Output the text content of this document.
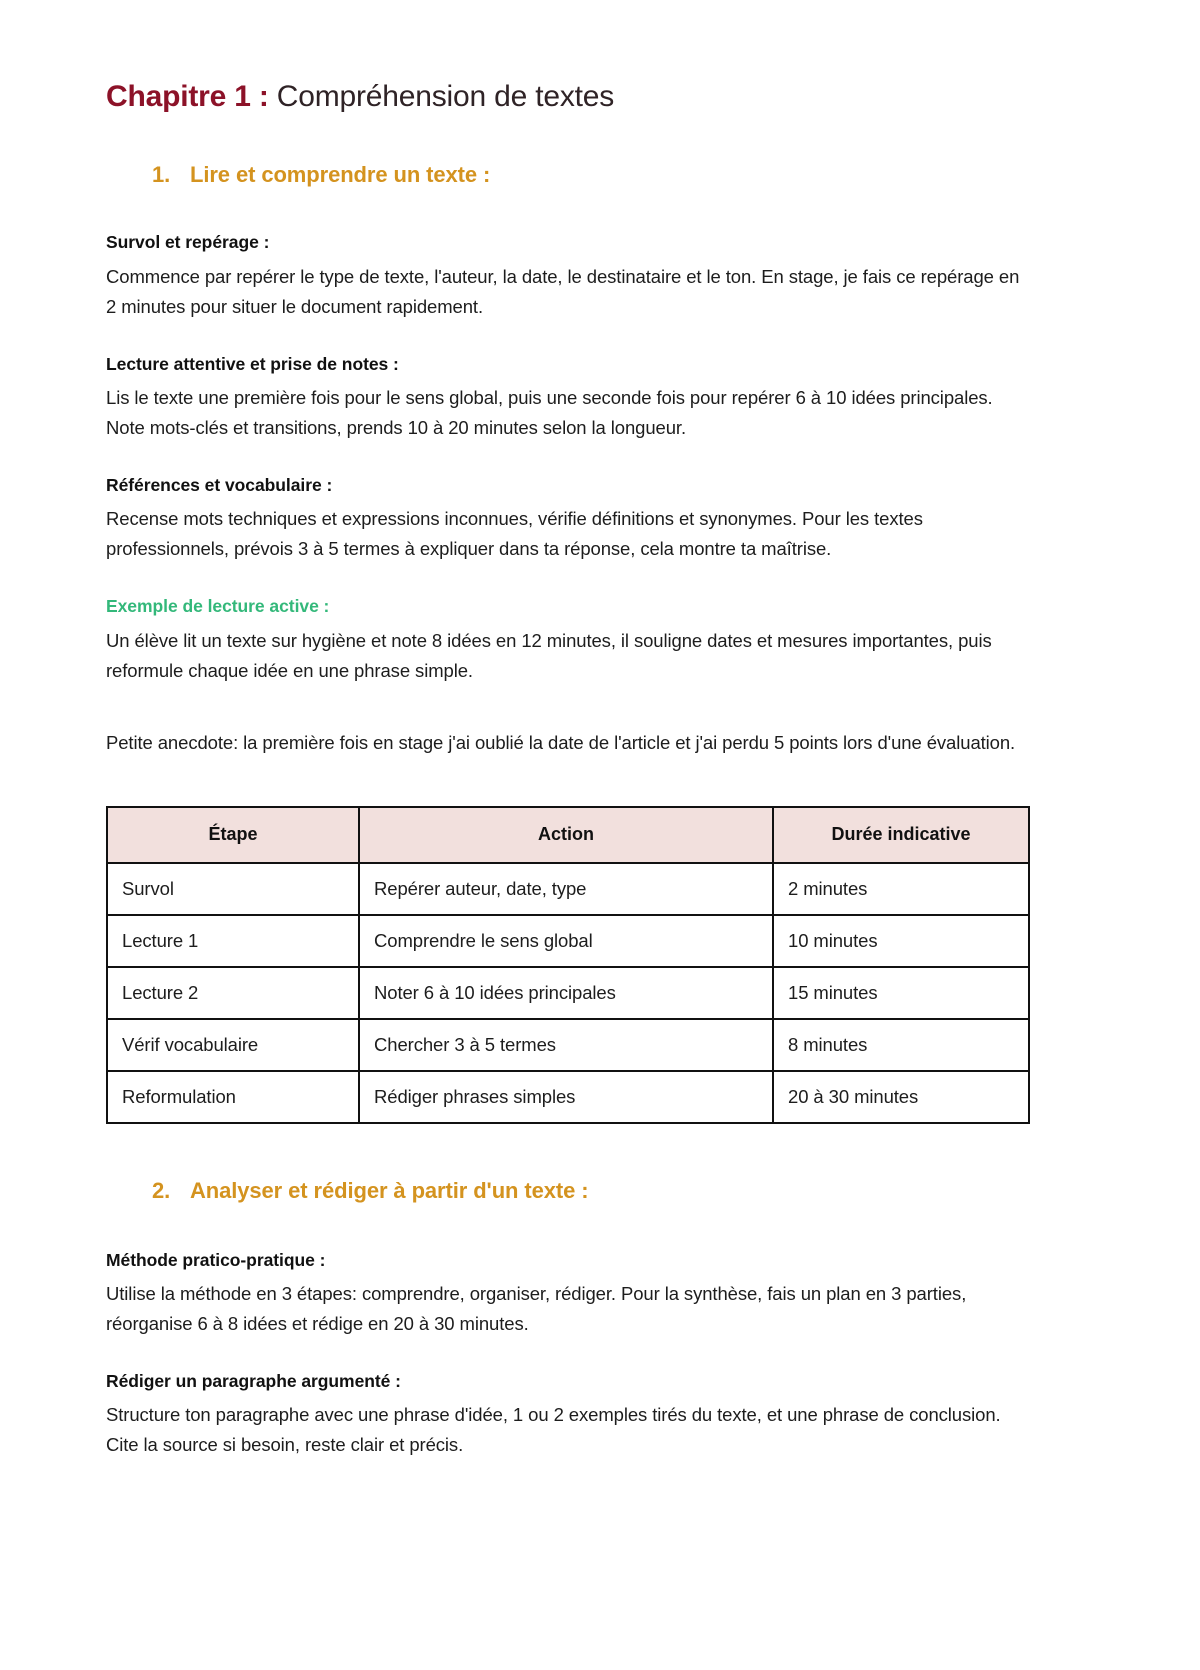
Chapitre 1 : Compréhension de textes
1. Lire et comprendre un texte :

Survol et repérage :

Commence par repérer le type de texte, l'auteur, la date, le destinataire et le ton. En stage, je fais ce repérage en 2 minutes pour situer le document rapidement.

Lecture attentive et prise de notes :

Lis le texte une première fois pour le sens global, puis une seconde fois pour repérer 6 à 10 idées principales. Note mots-clés et transitions, prends 10 à 20 minutes selon la longueur.

Références et vocabulaire :

Recense mots techniques et expressions inconnues, vérifie définitions et synonymes. Pour les textes professionnels, prévois 3 à 5 termes à expliquer dans ta réponse, cela montre ta maîtrise.

Exemple de lecture active :

Un élève lit un texte sur hygiène et note 8 idées en 12 minutes, il souligne dates et mesures importantes, puis reformule chaque idée en une phrase simple.

Petite anecdote: la première fois en stage j'ai oublié la date de l'article et j'ai perdu 5 points lors d'une évaluation.

Étape	Action	Durée indicative
Survol	Repérer auteur, date, type	2 minutes
Lecture 1	Comprendre le sens global	10 minutes
Lecture 2	Noter 6 à 10 idées principales	15 minutes
Vérif vocabulaire	Chercher 3 à 5 termes	8 minutes
Reformulation	Rédiger phrases simples	20 à 30 minutes
2. Analyser et rédiger à partir d'un texte :

Méthode pratico-pratique :

Utilise la méthode en 3 étapes: comprendre, organiser, rédiger. Pour la synthèse, fais un plan en 3 parties, réorganise 6 à 8 idées et rédige en 20 à 30 minutes.

Rédiger un paragraphe argumenté :

Structure ton paragraphe avec une phrase d'idée, 1 ou 2 exemples tirés du texte, et une phrase de conclusion. Cite la source si besoin, reste clair et précis.
